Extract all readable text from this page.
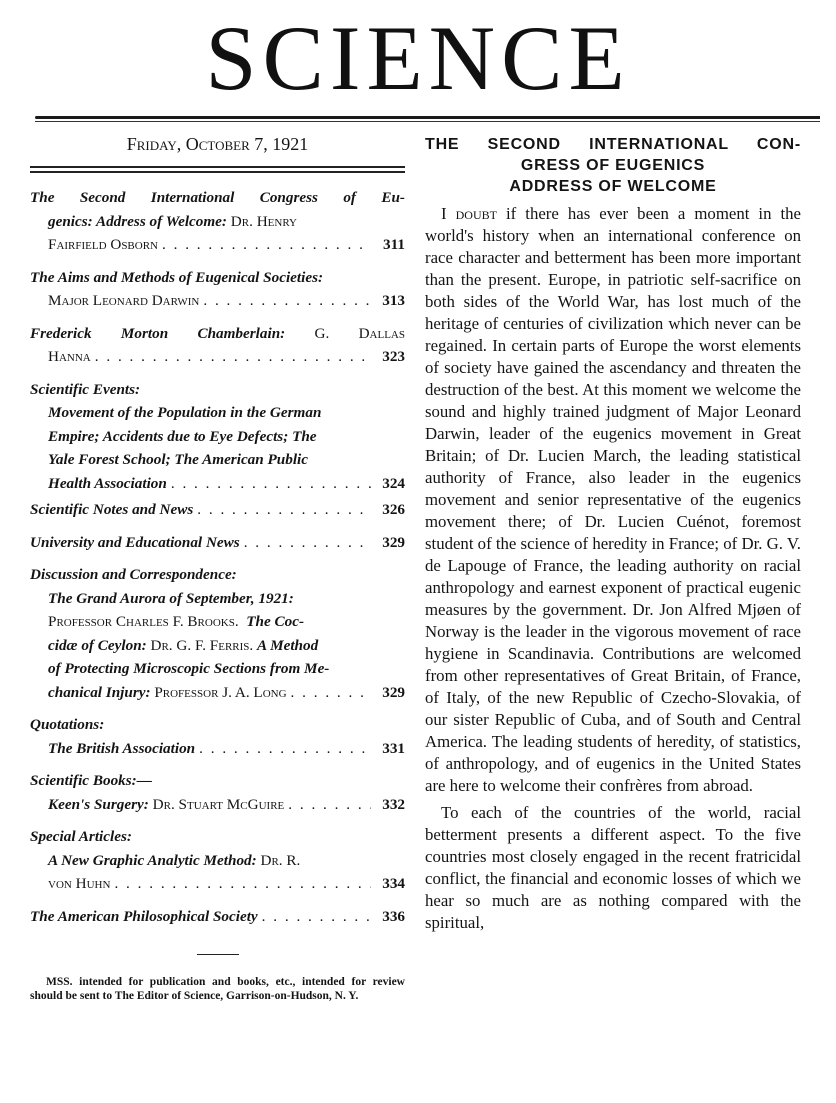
SCIENCE
Friday, October 7, 1921
The Second International Congress of Eu-
genics: Address of Welcome:
Dr. Henry
Fairfield Osborn . . .	311
The Aims and Methods of Eugenical Societies:
Major Leonard Darwin . . .	313
Frederick Morton Chamberlain: G. Dallas
Hanna . . .	323
Scientific Events:
Movement of the Population in the German
Empire; Accidents due to Eye Defects; The
Yale Forest School; The American Public
Health Association . . .	324
Scientific Notes and News . . .	326
University and Educational News . . .	329
Discussion and Correspondence:
The Grand Aurora of September, 1921:
Professor Charles F. Brooks.
The Coc-
cidæ of Ceylon:
Dr. G. F. Ferris.
A Method
of Protecting Microscopic Sections from Me-
chanical Injury:
Professor J. A. Long . . .	329
Quotations:
The British Association . . .	331
Scientific Books:—
Keen's Surgery:
Dr. Stuart McGuire . . .	332
Special Articles:
A New Graphic Analytic Method:
Dr. R.
von Huhn . . .	334
The American Philosophical Society . . .	336
MSS. intended for publication and books, etc., intended for review should be sent to The Editor of Science, Garrison-on-Hudson, N. Y.
THE SECOND INTERNATIONAL CON-
GRESS OF EUGENICS
ADDRESS OF WELCOME

I doubt if there has ever been a moment in the world's history when an international conference on race character and betterment has been more important than the present. Europe, in patriotic self-sacrifice on both sides of the World War, has lost much of the heritage of centuries of civilization which never can be regained. In certain parts of Europe the worst elements of society have gained the ascendancy and threaten the destruction of the best. At this moment we welcome the sound and highly trained judgment of Major Leonard Darwin, leader of the eugenics movement in Great Britain; of Dr. Lucien March, the leading statistical authority of France, also leader in the eugenics movement and senior representative of the eugenics movement there; of Dr. Lucien Cuénot, foremost student of the science of heredity in France; of Dr. G. V. de Lapouge of France, the leading authority on racial anthropology and earnest exponent of practical eugenic measures by the government. Dr. Jon Alfred Mjøen of Norway is the leader in the vigorous movement of race hygiene in Scandinavia. Contributions are welcomed from other representatives of Great Britain, of France, of Italy, of the new Republic of Czecho-Slovakia, of our sister Republic of Cuba, and of South and Central America. The leading students of heredity, of statistics, of anthropology, and of eugenics in the United States are here to welcome their confrères from abroad.

To each of the countries of the world, racial betterment presents a different aspect. To the five countries most closely engaged in the recent fratricidal conflict, the financial and economic losses of which we hear so much are as nothing compared with the spiritual,
